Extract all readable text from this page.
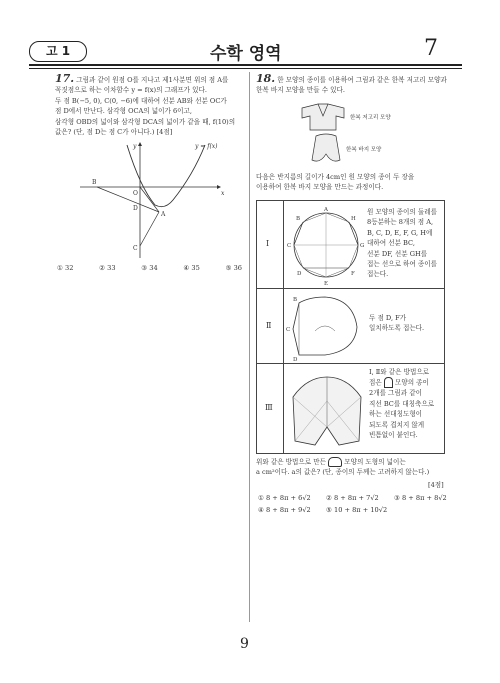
고 1	수학 영역	7
17. 그림과 같이 원점 O를 지나고 제1사분면 위의 점 A를
꼭짓점으로 하는 이차함수 y = f(x)의 그래프가 있다.
두 점 B(−5, 0), C(0, −6)에 대하여 선분 AB와 선분 OC가
점 D에서 만난다. 삼각형 OCA의 넓이가 6이고,
삼각형 OBD의 넓이와 삼각형 DCA의 넓이가 같을 때, f(10)의
값은? (단, 점 D는 점 C가 아니다.) [4점]
y = f(x)
y
x
O
B
D
A
C
① 32	② 33	③ 34	④ 35	⑤ 36
18. 한 모양의 종이를 이용하여 그림과 같은 한복 저고리 모양과
한복 바지 모양을 만들 수 있다.
한복 저고리 모양
한복 바지 모양
다음은 반지름의 길이가 4cm인 원 모양의 종이 두 장을
이용하여 한복 바지 모양을 만드는 과정이다.
Ⅰ
A
B
C
D
E
F
G
H
원 모양의 종이의 둘레를
8등분하는 8개의 점 A,
B, C, D, E, F, G, H에
대하여 선분 BC,
선분 DF, 선분 GH를
접는 선으로 하여 종이를
접는다.
Ⅱ
B
C
D
두 점 D, F가
일치하도록 접는다.
Ⅲ
Ⅰ, Ⅱ와 같은 방법으로
접은 모양의 종이
2개를 그림과 같이
직선 BC를 대칭축으로
하는 선대칭도형이
되도록 겹치지 않게
빈틈없이 붙인다.
위와 같은 방법으로 만든	모양의 도형의 넓이는
a cm²이다. a의 값은? (단, 종이의 두께는 고려하지 않는다.)
[4점]
① 8 + 8π + 6√2	② 8 + 8π + 7√2	③ 8 + 8π + 8√2
④ 8 + 8π + 9√2	⑤ 10 + 8π + 10√2
9
